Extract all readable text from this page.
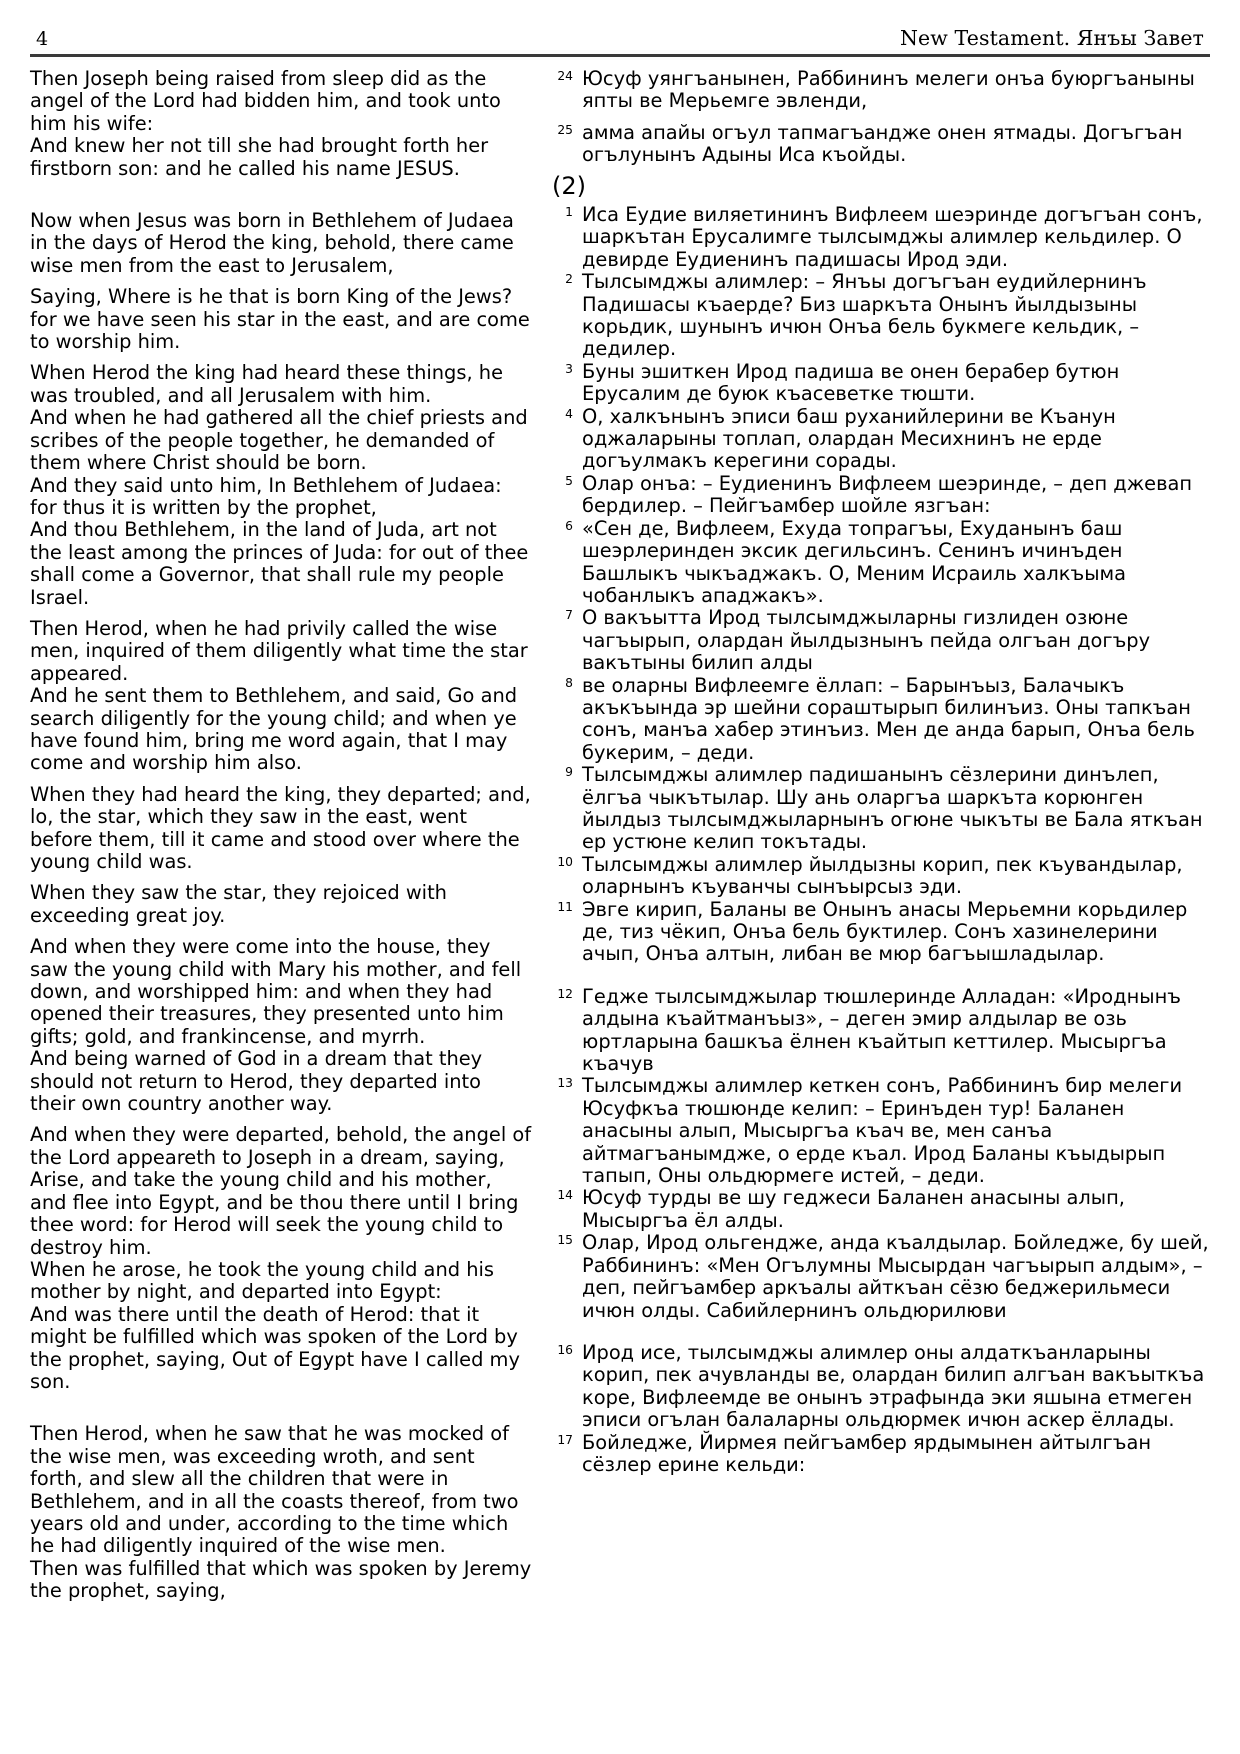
4	New Testament. Янъы Завет

Then Joseph being raised from sleep did as the angel of the Lord had bidden him, and took unto him his wife:

And knew her not till she had brought forth her firstborn son: and he called his name JESUS.

Now when Jesus was born in Bethlehem of Judaea in the days of Herod the king, behold, there came wise men from the east to Jerusalem,

Saying, Where is he that is born King of the Jews? for we have seen his star in the east, and are come to worship him.

When Herod the king had heard these things, he was troubled, and all Jerusalem with him.

And when he had gathered all the chief priests and scribes of the people together, he demanded of them where Christ should be born.

And they said unto him, In Bethlehem of Judaea: for thus it is written by the prophet,

And thou Bethlehem, in the land of Juda, art not the least among the princes of Juda: for out of thee shall come a Governor, that shall rule my people Israel.

Then Herod, when he had privily called the wise men, inquired of them diligently what time the star appeared.

And he sent them to Bethlehem, and said, Go and search diligently for the young child; and when ye have found him, bring me word again, that I may come and worship him also.

When they had heard the king, they departed; and, lo, the star, which they saw in the east, went before them, till it came and stood over where the young child was.

When they saw the star, they rejoiced with exceeding great joy.

And when they were come into the house, they saw the young child with Mary his mother, and fell down, and worshipped him: and when they had opened their treasures, they presented unto him gifts; gold, and frankincense, and myrrh.

And being warned of God in a dream that they should not return to Herod, they departed into their own country another way.

And when they were departed, behold, the angel of the Lord appeareth to Joseph in a dream, saying, Arise, and take the young child and his mother, and flee into Egypt, and be thou there until I bring thee word: for Herod will seek the young child to destroy him.

When he arose, he took the young child and his mother by night, and departed into Egypt:

And was there until the death of Herod: that it might be fulfilled which was spoken of the Lord by the prophet, saying, Out of Egypt have I called my son.

Then Herod, when he saw that he was mocked of the wise men, was exceeding wroth, and sent forth, and slew all the children that were in Bethlehem, and in all the coasts thereof, from two years old and under, according to the time which he had diligently inquired of the wise men.

Then was fulfilled that which was spoken by Jeremy the prophet, saying,

24 Юсуф уянгъанынен, Раббининъ мелеги онъа буюргъаныны япты ве Мерьемге эвленди,
25 амма апайы огъул тапмагъандже онен ятмады. Догъгъан огълунынъ Адыны Иса къойды.
(2)
1 Иса Еудие виляетининъ Вифлеем шеэринде догъгъан сонъ, шаркътан Ерусалимге тылсымджы алимлер кельдилер. О девирде Еудиенинъ падишасы Ирод эди.
2 Тылсымджы алимлер: – Янъы догъгъан еудийлернинъ Падишасы къаерде? Биз шаркъта Онынъ йылдызыны корьдик, шунынъ ичюн Онъа бель букмеге кельдик, – дедилер.
3 Буны эшиткен Ирод падиша ве онен берабер бутюн Ерусалим де буюк къасеветке тюшти.
4 О, халкънынъ эписи баш руханийлерини ве Къанун оджаларыны топлап, олардан Месихнинъ не ерде догъулмакъ керегини сорады.
5 Олар онъа: – Еудиенинъ Вифлеем шеэринде, – деп джевап бердилер. – Пейгъамбер шойле язгъан:
6 «Сен де, Вифлеем, Ехуда топрагъы, Ехуданынъ баш шеэрлеринден эксик дегильсинъ. Сенинъ ичинъден Башлыкъ чыкъаджакъ. О, Меним Исраиль халкъыма чобанлыкъ ападжакъ».
7 О вакъытта Ирод тылсымджыларны гизлиден озюне чагъырып, олардан йылдызнынъ пейда олгъан догъру вакътыны билип алды
8 ве оларны Вифлеемге ёллап: – Барынъыз, Балачыкъ акъкъында эр шейни сораштырып билинъиз. Оны тапкъан сонъ, манъа хабер этинъиз. Мен де анда барып, Онъа бель букерим, – деди.
9 Тылсымджы алимлер падишанынъ сёзлерини динълеп, ёлгъа чыкътылар. Шу ань оларгъа шаркъта корюнген йылдыз тылсымджыларнынъ огюне чыкъты ве Бала яткъан ер устюне келип токътады.
10 Тылсымджы алимлер йылдызны корип, пек къувандылар, оларнынъ къуванчы сынъырсыз эди.
11 Эвге кирип, Баланы ве Онынъ анасы Мерьемни корьдилер де, тиз чёкип, Онъа бель буктилер. Сонъ хазинелерини ачып, Онъа алтын, либан ве мюр багъышладылар.
12 Гедже тылсымджылар тюшлеринде Алладан: «Ироднынъ алдына къайтманъыз», – деген эмир алдылар ве озь юртларына башкъа ёлнен къайтып кеттилер. Мысыргъа къачув
13 Тылсымджы алимлер кеткен сонъ, Раббининъ бир мелеги Юсуфкъа тюшюнде келип: – Еринъден тур! Баланен анасыны алып, Мысыргъа къач ве, мен санъа айтмагъанымдже, о ерде къал. Ирод Баланы къыдырып тапып, Оны ольдюрмеге истей, – деди.
14 Юсуф турды ве шу геджеси Баланен анасыны алып, Мысыргъа ёл алды.
15 Олар, Ирод ольгендже, анда къалдылар. Бойледже, бу шей, Раббининъ: «Мен Огълумны Мысырдан чагъырып алдым», – деп, пейгъамбер аркъалы айткъан сёзю беджерильмеси ичюн олды. Сабийлернинъ ольдюрилюви
16 Ирод исе, тылсымджы алимлер оны алдаткъанларыны корип, пек ачувланды ве, олардан билип алгъан вакъыткъа коре, Вифлеемде ве онынъ этрафында эки яшына етмеген эписи огълан балаларны ольдюрмек ичюн аскер ёллады.
17 Бойледже, Йирмея пейгъамбер ярдымынен айтылгъан сёзлер ерине кельди:
